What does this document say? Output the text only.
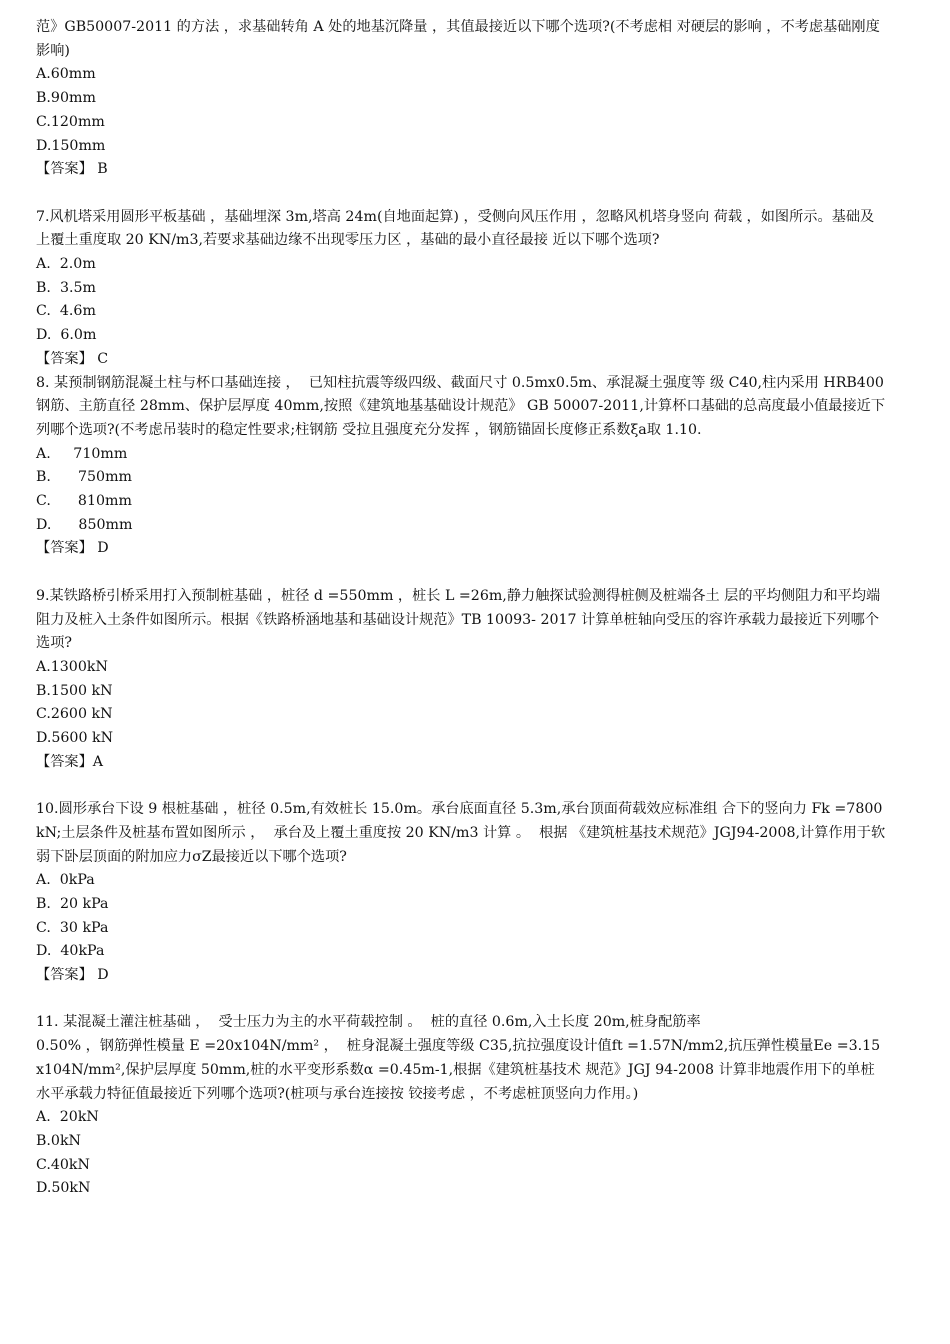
范》GB50007-2011 的方法 ，求基础转角 A 处的地基沉降量 ，其值最接近以下哪个选项?(不考虑相 对硬层的影响 ，不考虑基础刚度影响)
A.60mm
B.90mm
C.120mm
D.150mm
【答案】 B
7.风机塔采用圆形平板基础 ，基础埋深 3m,塔高 24m(自地面起算) ，受侧向风压作用 ，忽略风机塔身竖向 荷载 ，如图所示。基础及上覆土重度取 20 KN/m3,若要求基础边缘不出现零压力区 ，基础的最小直径最接 近以下哪个选项?
A.  2.0m
B.  3.5m
C.  4.6m
D.  6.0m
【答案】 C
8. 某预制钢筋混凝土柱与杯口基础连接 ，  已知柱抗震等级四级、截面尺寸 0.5mx0.5m、承混凝土强度等 级 C40,柱内采用 HRB400 钢筋、主筋直径 28mm、保护层厚度 40mm,按照《建筑地基基础设计规范》 GB 50007-2011,计算杯口基础的总高度最小值最接近下列哪个选项?(不考虑吊装时的稳定性要求;柱钢筋 受拉且强度充分发挥 ，钢筋锚固长度修正系数ξa取 1.10.
A.     710mm
B.      750mm
C.      810mm
D.      850mm
【答案】 D
9.某铁路桥引桥采用打入预制桩基础 ，桩径 d =550mm ，桩长 L =26m,静力触探试验测得桩侧及桩端各土 层的平均侧阻力和平均端阻力及桩入土条件如图所示。根据《铁路桥涵地基和基础设计规范》TB 10093- 2017 计算单桩轴向受压的容许承载力最接近下列哪个选项?
A.1300kN
B.1500 kN
C.2600 kN
D.5600 kN
【答案】A
10.圆形承台下设 9 根桩基础 ，桩径 0.5m,有效桩长 15.0m。承台底面直径 5.3m,承台顶面荷载效应标准组 合下的竖向力 Fk =7800kN;土层条件及桩基布置如图所示 ，  承台及上覆土重度按 20 KN/m3 计算 。  根据 《建筑桩基技术规范》JGJ94-2008,计算作用于软弱下卧层顶面的附加应力σZ最接近以下哪个选项?
A.  0kPa
B.  20 kPa
C.  30 kPa
D.  40kPa
【答案】 D
11. 某混凝土灌注桩基础 ，  受士压力为主的水平荷载控制 。  桩的直径 0.6m,入土长度 20m,桩身配筋率
0.50% ，钢筋弹性模量 E =20x104N/mm² ，  桩身混凝土强度等级 C35,抗拉强度设计值ft =1.57N/mm2,抗压弹性模量Ee =3.15x104N/mm²,保护层厚度 50mm,桩的水平变形系数α =0.45m-1,根据《建筑桩基技术 规范》JGJ 94-2008 计算非地震作用下的单桩水平承载力特征值最接近下列哪个选项?(桩项与承台连接按 铰接考虑 ，不考虑桩顶竖向力作用。)
A.  20kN
B.0kN
C.40kN
D.50kN
